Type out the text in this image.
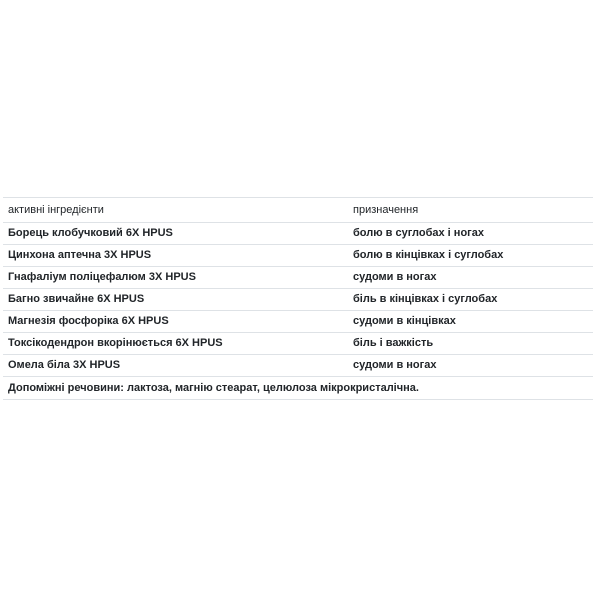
активні інгредієнти	призначення
Борець клобучковий 6X HPUS	болю в суглобах і ногах
Цинхона аптечна 3X HPUS	болю в кінцівках і суглобах
Гнафаліум поліцефалюм 3X HPUS	судоми в ногах
Багно звичайне 6X HPUS	біль в кінцівках і суглобах
Магнезія фосфоріка 6X HPUS	судоми в кінцівках
Токсікодендрон вкорінюється 6X HPUS	біль і важкість
Омела біла 3X HPUS	судоми в ногах
Допоміжні речовини: лактоза, магнію стеарат, целюлоза мікрокристалічна.
